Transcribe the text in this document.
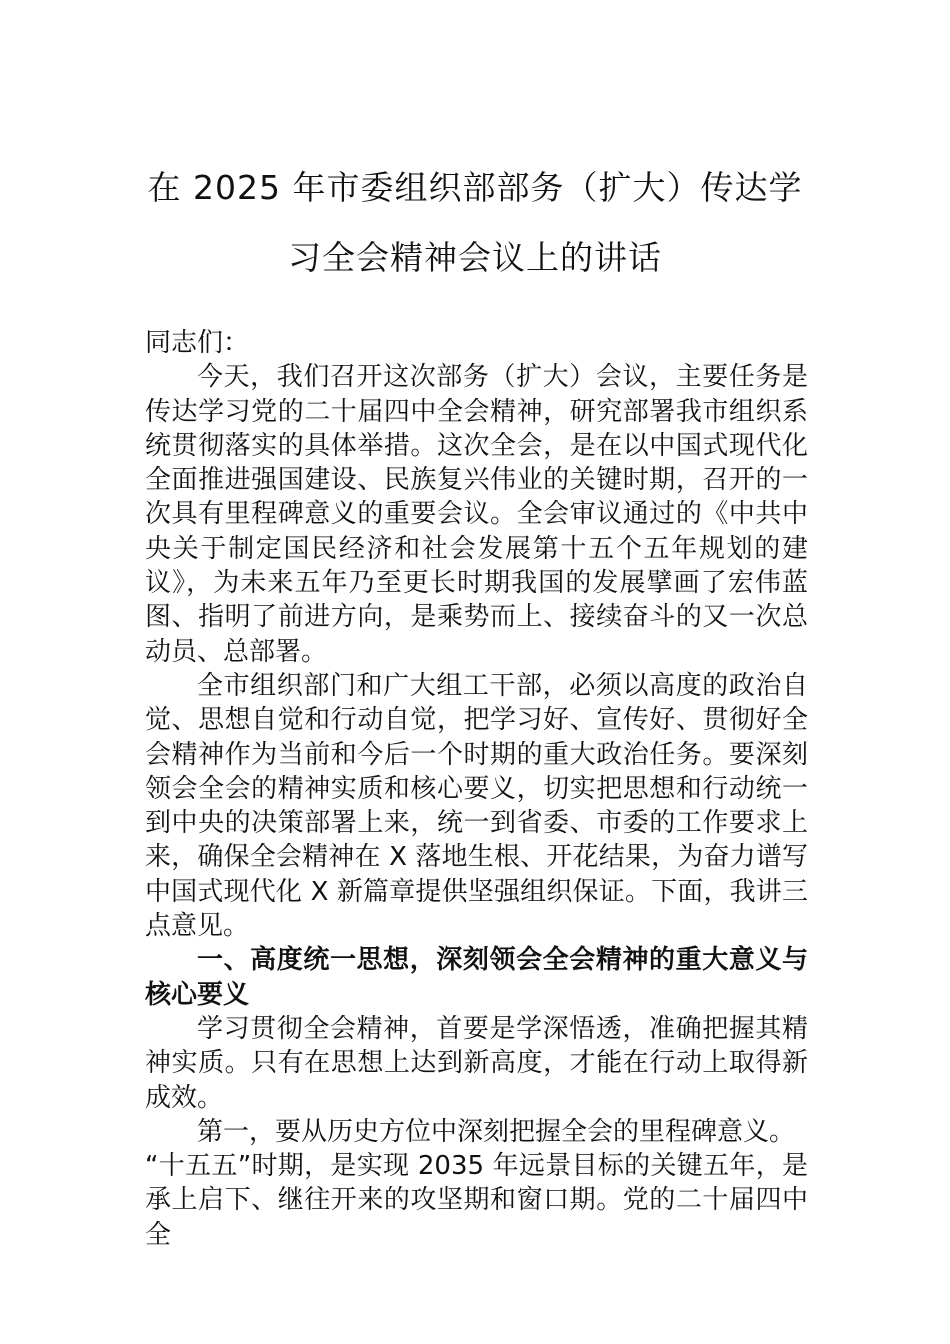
在 2025 年市委组织部部务（扩大）传达学
习全会精神会议上的讲话

同志们：

今天，我们召开这次部务（扩大）会议，主要任务是传达学习党的二十届四中全会精神，研究部署我市组织系统贯彻落实的具体举措。这次全会，是在以中国式现代化全面推进强国建设、民族复兴伟业的关键时期，召开的一次具有里程碑意义的重要会议。全会审议通过的《中共中央关于制定国民经济和社会发展第十五个五年规划的建议》，为未来五年乃至更长时期我国的发展擘画了宏伟蓝图、指明了前进方向，是乘势而上、接续奋斗的又一次总动员、总部署。

全市组织部门和广大组工干部，必须以高度的政治自觉、思想自觉和行动自觉，把学习好、宣传好、贯彻好全会精神作为当前和今后一个时期的重大政治任务。要深刻领会全会的精神实质和核心要义，切实把思想和行动统一到中央的决策部署上来，统一到省委、市委的工作要求上来，确保全会精神在 X 落地生根、开花结果，为奋力谱写中国式现代化 X 新篇章提供坚强组织保证。下面，我讲三点意见。

一、高度统一思想，深刻领会全会精神的重大意义与核心要义

学习贯彻全会精神，首要是学深悟透，准确把握其精神实质。只有在思想上达到新高度，才能在行动上取得新成效。

第一，要从历史方位中深刻把握全会的里程碑意义。

“十五五”时期，是实现 2035 年远景目标的关键五年，是承上启下、继往开来的攻坚期和窗口期。党的二十届四中全
